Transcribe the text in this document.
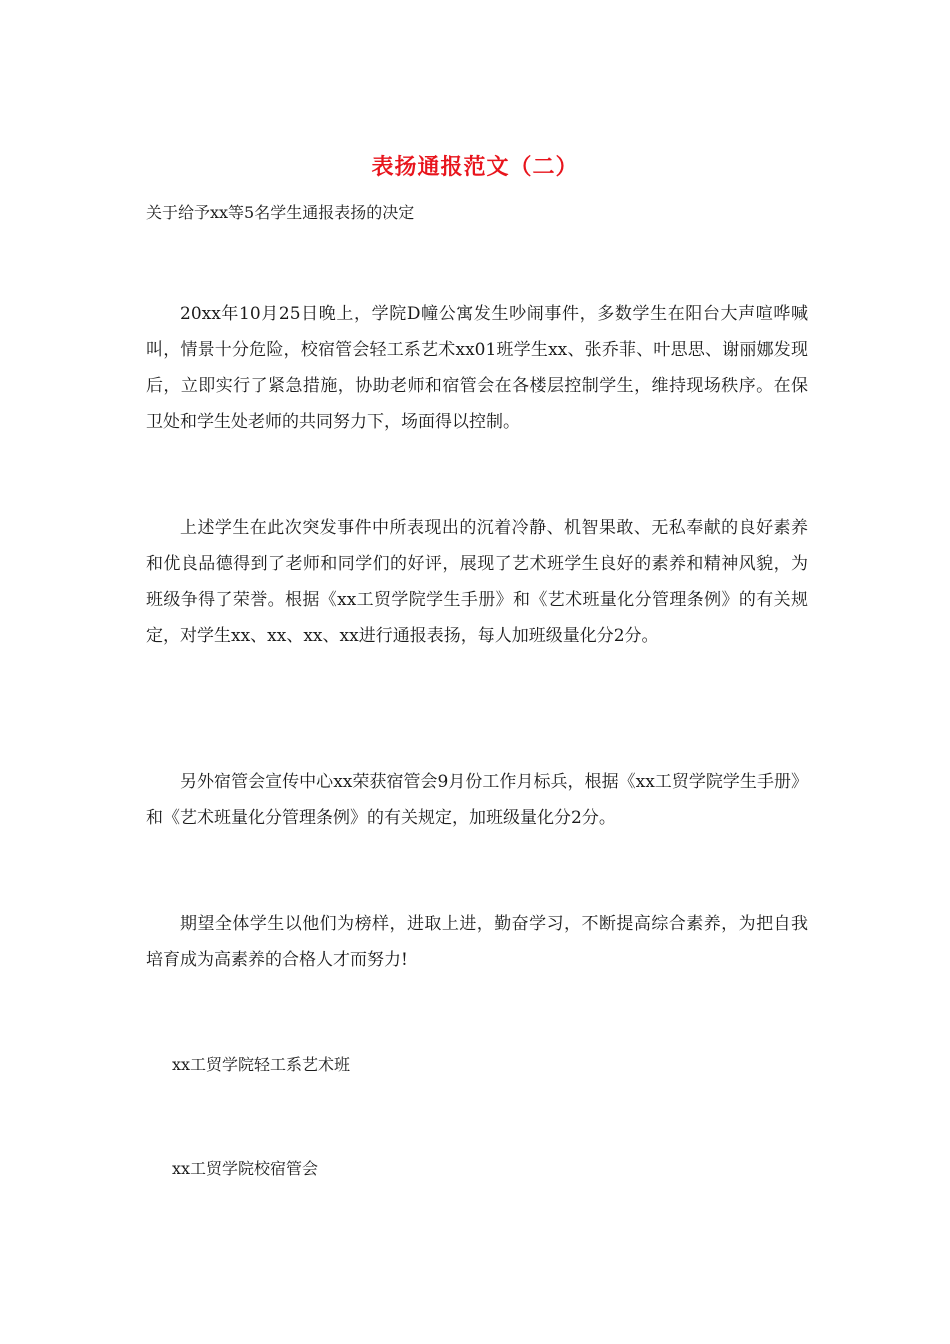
表扬通报范文（二）

关于给予xx等5名学生通报表扬的决定

20xx年10月25日晚上，学院D幢公寓发生吵闹事件，多数学生在阳台大声喧哗喊叫，情景十分危险，校宿管会轻工系艺术xx01班学生xx、张乔菲、叶思思、谢丽娜发现后，立即实行了紧急措施，协助老师和宿管会在各楼层控制学生，维持现场秩序。在保卫处和学生处老师的共同努力下，场面得以控制。

上述学生在此次突发事件中所表现出的沉着冷静、机智果敢、无私奉献的良好素养和优良品德得到了老师和同学们的好评，展现了艺术班学生良好的素养和精神风貌，为班级争得了荣誉。根据《xx工贸学院学生手册》和《艺术班量化分管理条例》的有关规定，对学生xx、xx、xx、xx进行通报表扬，每人加班级量化分2分。

另外宿管会宣传中心xx荣获宿管会9月份工作月标兵，根据《xx工贸学院学生手册》和《艺术班量化分管理条例》的有关规定，加班级量化分2分。

期望全体学生以他们为榜样，进取上进，勤奋学习，不断提高综合素养，为把自我培育成为高素养的合格人才而努力!

xx工贸学院轻工系艺术班

xx工贸学院校宿管会
